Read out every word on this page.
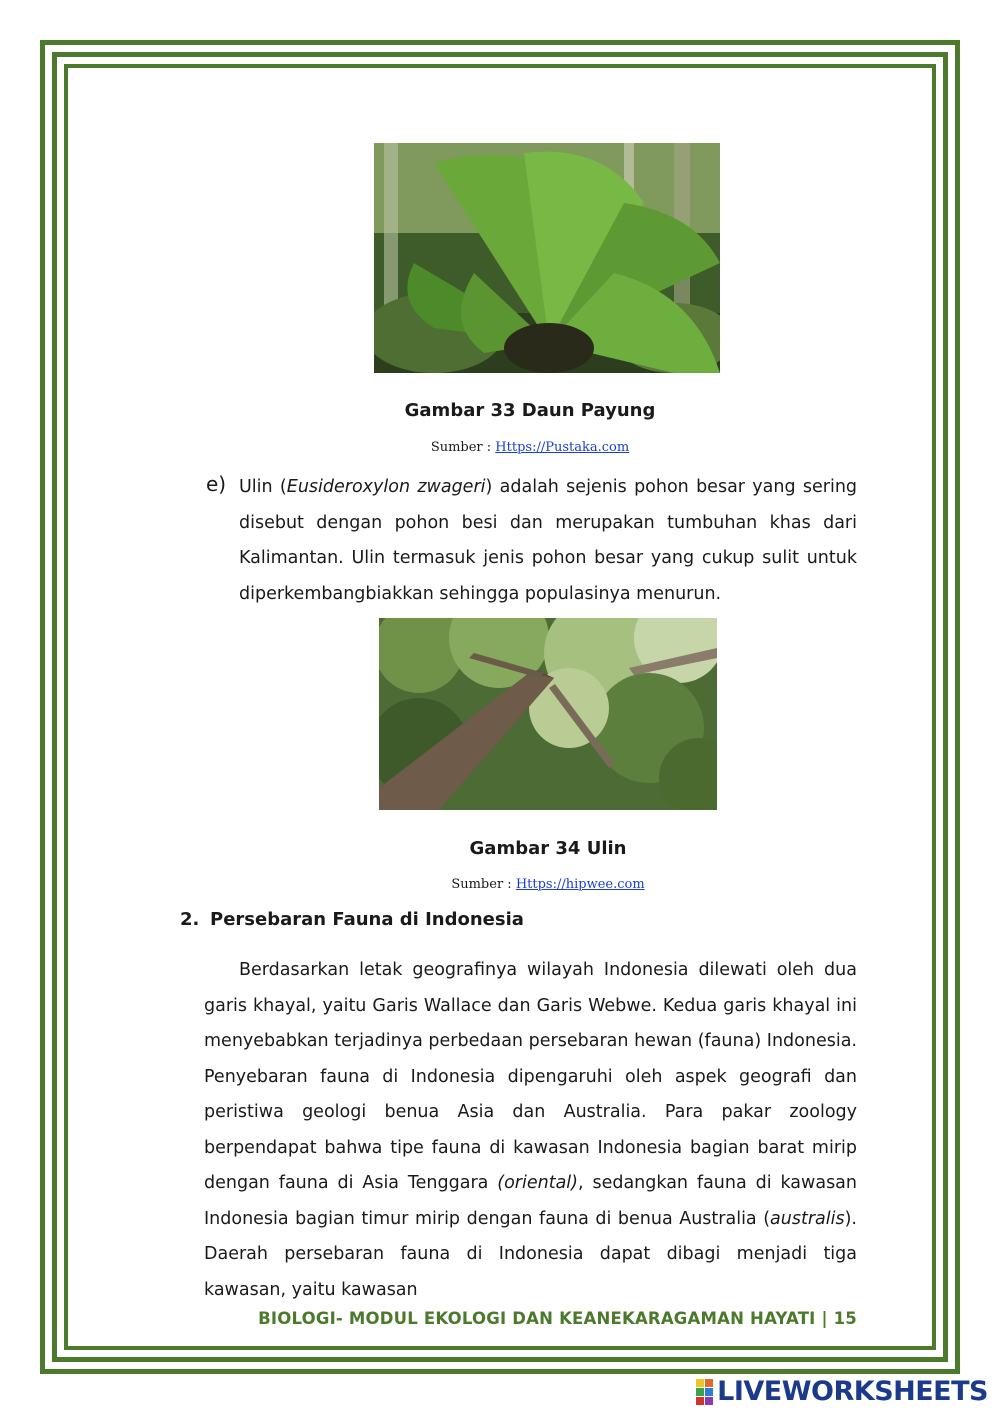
Gambar 33 Daun Payung
Sumber : Https://Pustaka.com
e) Ulin (Eusideroxylon zwageri) adalah sejenis pohon besar yang sering disebut dengan pohon besi dan merupakan tumbuhan khas dari Kalimantan. Ulin termasuk jenis pohon besar yang cukup sulit untuk diperkembangbiakkan sehingga populasinya menurun.
Gambar 34 Ulin
Sumber : Https://hipwee.com
2. Persebaran Fauna di Indonesia
Berdasarkan letak geografinya wilayah Indonesia dilewati oleh dua garis khayal, yaitu Garis Wallace dan Garis Webwe. Kedua garis khayal ini menyebabkan terjadinya perbedaan persebaran hewan (fauna) Indonesia. Penyebaran fauna di Indonesia dipengaruhi oleh aspek geografi dan peristiwa geologi benua Asia dan Australia. Para pakar zoology berpendapat bahwa tipe fauna di kawasan Indonesia bagian barat mirip dengan fauna di Asia Tenggara (oriental), sedangkan fauna di kawasan Indonesia bagian timur mirip dengan fauna di benua Australia (australis). Daerah persebaran fauna di Indonesia dapat dibagi menjadi tiga kawasan, yaitu kawasan
BIOLOGI- MODUL EKOLOGI DAN KEANEKARAGAMAN HAYATI | 15
LIVEWORKSHEETS
